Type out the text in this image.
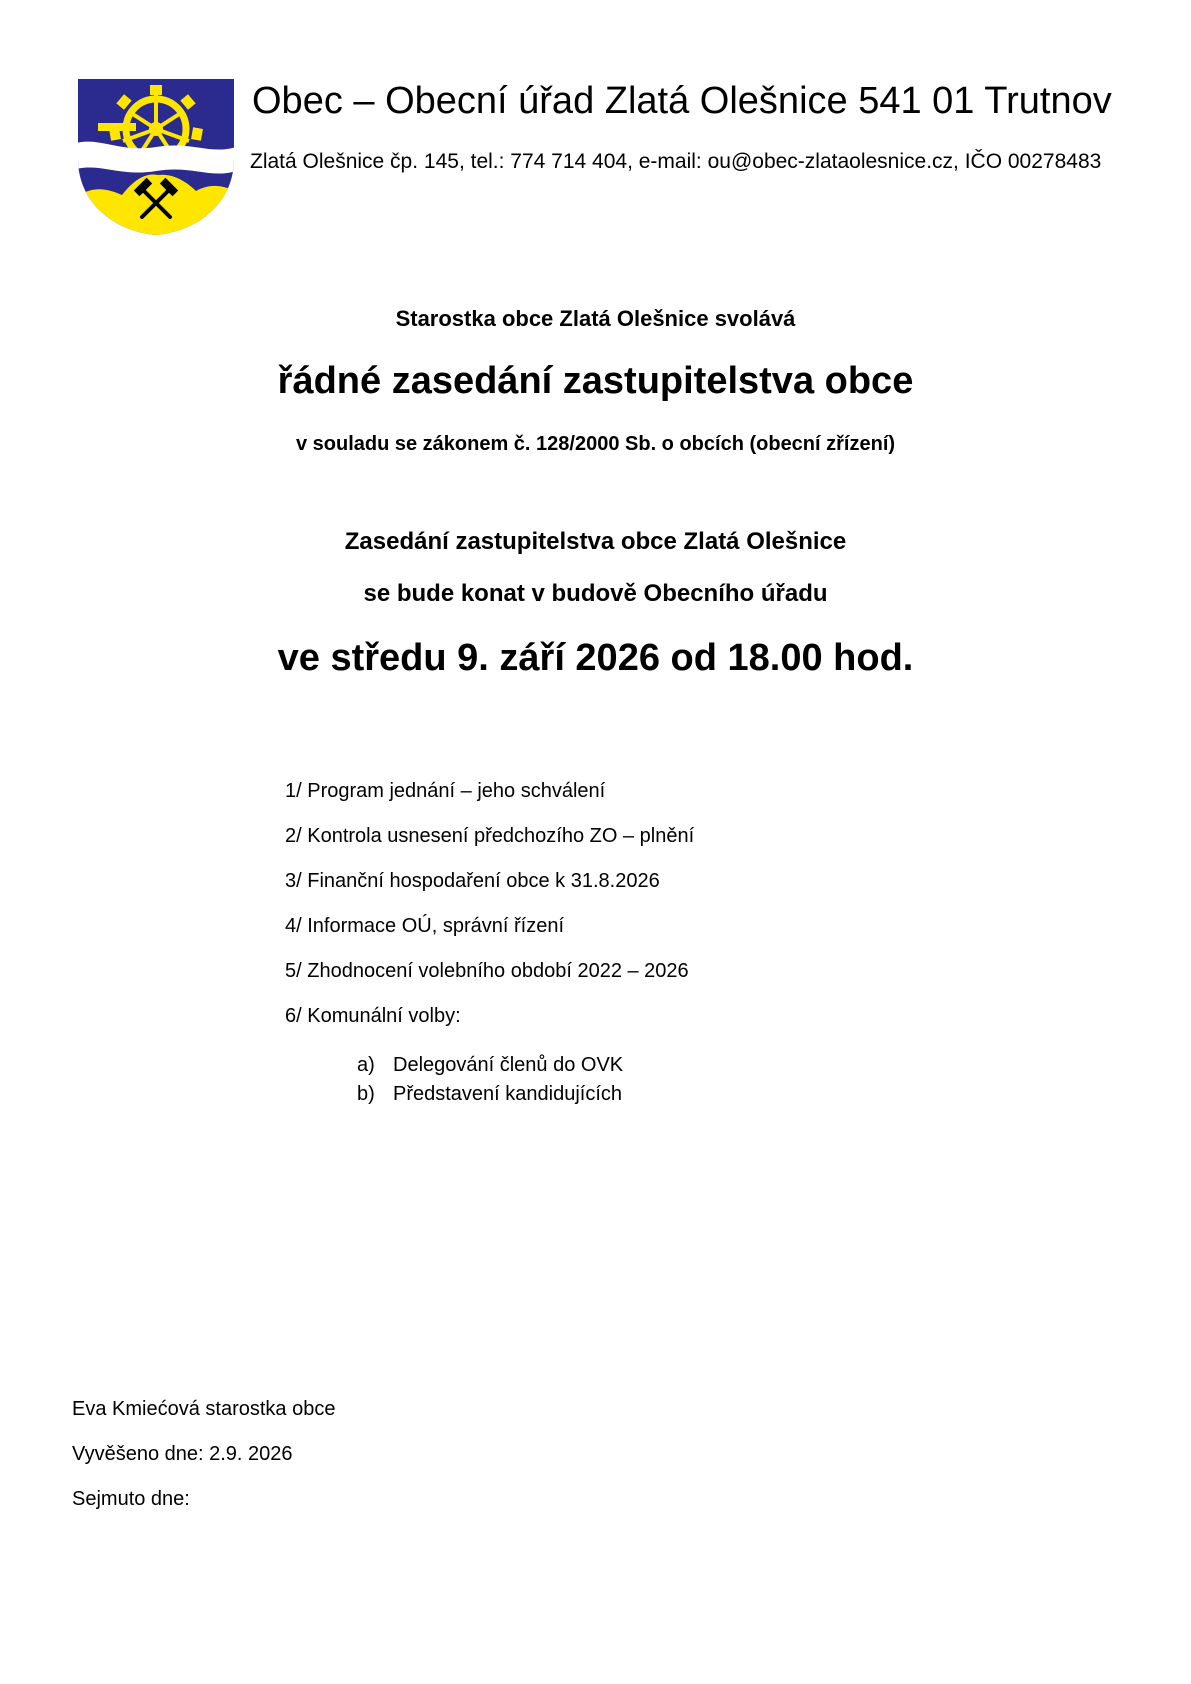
Obec – Obecní úřad Zlatá Olešnice 541 01 Trutnov
Zlatá Olešnice čp. 145, tel.: 774 714 404, e-mail: ou@obec-zlataolesnice.cz, IČO 00278483
Starostka obce Zlatá Olešnice svolává
řádné zasedání zastupitelstva obce
v souladu se zákonem č. 128/2000 Sb. o obcích (obecní zřízení)
Zasedání zastupitelstva obce Zlatá Olešnice
se bude konat v budově Obecního úřadu
ve středu 9. září 2026 od 18.00 hod.
1/ Program jednání – jeho schválení
2/ Kontrola usnesení předchozího ZO – plnění
3/ Finanční hospodaření obce k 31.8.2026
4/ Informace OÚ, správní řízení
5/ Zhodnocení volebního období 2022 – 2026
6/ Komunální volby:
a) Delegování členů do OVK
b) Představení kandidujících
Eva Kmiećová starostka obce
Vyvěšeno dne: 2.9. 2026
Sejmuto dne:
